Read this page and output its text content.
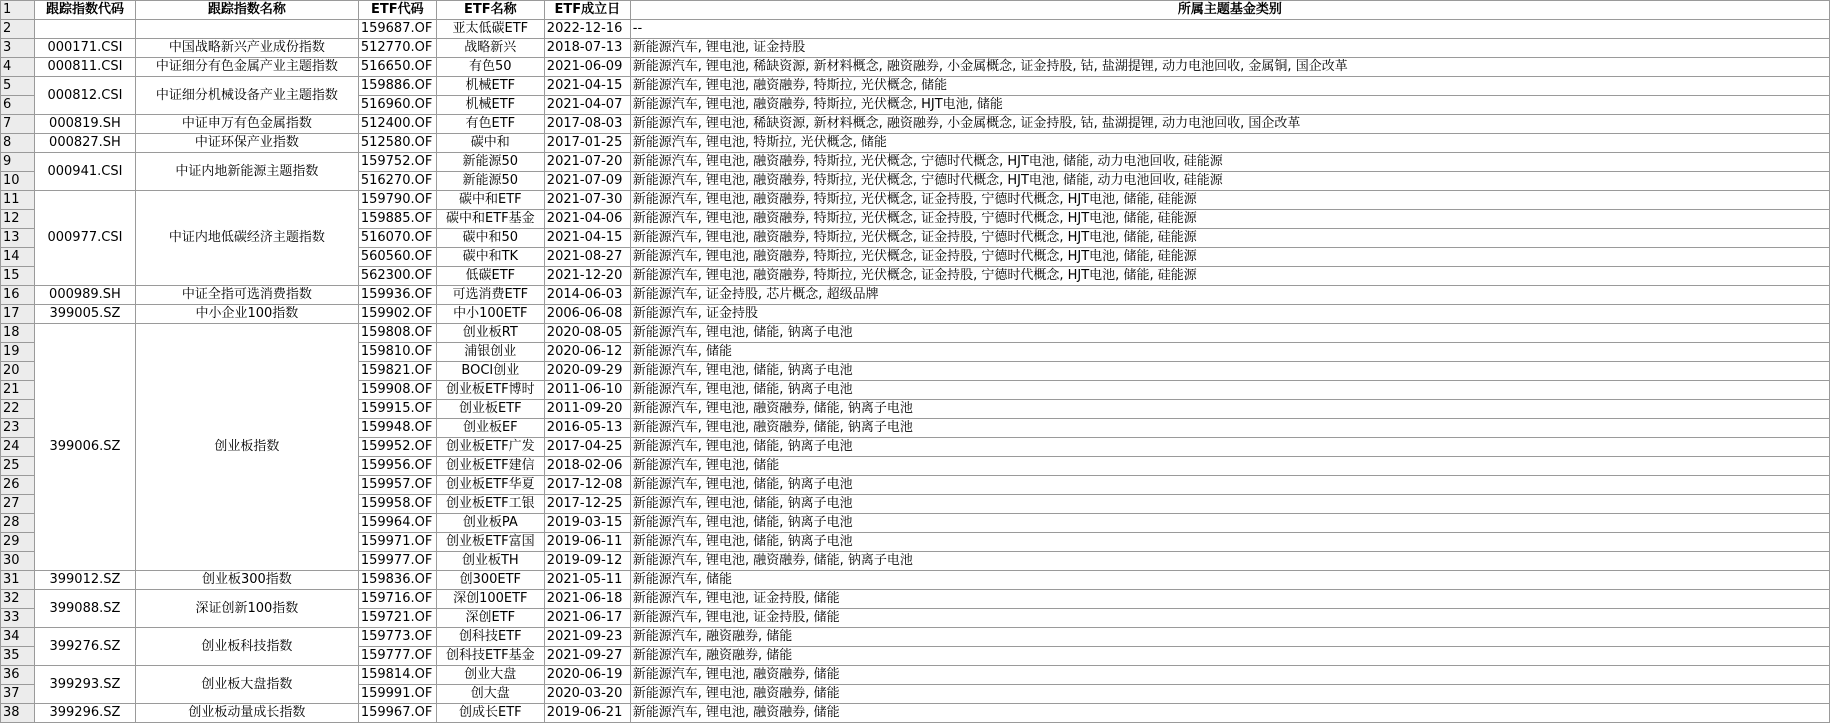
1	跟踪指数代码	跟踪指数名称	ETF代码	ETF名称	ETF成立日	所属主题基金类别
2			159687.OF	亚太低碳ETF	2022-12-16	--
3	000171.CSI	中国战略新兴产业成份指数	512770.OF	战略新兴	2018-07-13	新能源汽车, 锂电池, 证金持股
4	000811.CSI	中证细分有色金属产业主题指数	516650.OF	有色50	2021-06-09	新能源汽车, 锂电池, 稀缺资源, 新材料概念, 融资融券, 小金属概念, 证金持股, 钴, 盐湖提锂, 动力电池回收, 金属铜, 国企改革
5	000812.CSI	中证细分机械设备产业主题指数	159886.OF	机械ETF	2021-04-15	新能源汽车, 锂电池, 融资融券, 特斯拉, 光伏概念, 储能
6			516960.OF	机械ETF	2021-04-07	新能源汽车, 锂电池, 融资融券, 特斯拉, 光伏概念, HJT电池, 储能
7	000819.SH	中证申万有色金属指数	512400.OF	有色ETF	2017-08-03	新能源汽车, 锂电池, 稀缺资源, 新材料概念, 融资融券, 小金属概念, 证金持股, 钴, 盐湖提锂, 动力电池回收, 国企改革
8	000827.SH	中证环保产业指数	512580.OF	碳中和	2017-01-25	新能源汽车, 锂电池, 特斯拉, 光伏概念, 储能
9	000941.CSI	中证内地新能源主题指数	159752.OF	新能源50	2021-07-20	新能源汽车, 锂电池, 融资融券, 特斯拉, 光伏概念, 宁德时代概念, HJT电池, 储能, 动力电池回收, 硅能源
10			516270.OF	新能源50	2021-07-09	新能源汽车, 锂电池, 融资融券, 特斯拉, 光伏概念, 宁德时代概念, HJT电池, 储能, 动力电池回收, 硅能源
11	000977.CSI	中证内地低碳经济主题指数	159790.OF	碳中和ETF	2021-07-30	新能源汽车, 锂电池, 融资融券, 特斯拉, 光伏概念, 证金持股, 宁德时代概念, HJT电池, 储能, 硅能源
12			159885.OF	碳中和ETF基金	2021-04-06	新能源汽车, 锂电池, 融资融券, 特斯拉, 光伏概念, 证金持股, 宁德时代概念, HJT电池, 储能, 硅能源
13			516070.OF	碳中和50	2021-04-15	新能源汽车, 锂电池, 融资融券, 特斯拉, 光伏概念, 证金持股, 宁德时代概念, HJT电池, 储能, 硅能源
14			560560.OF	碳中和TK	2021-08-27	新能源汽车, 锂电池, 融资融券, 特斯拉, 光伏概念, 证金持股, 宁德时代概念, HJT电池, 储能, 硅能源
15			562300.OF	低碳ETF	2021-12-20	新能源汽车, 锂电池, 融资融券, 特斯拉, 光伏概念, 证金持股, 宁德时代概念, HJT电池, 储能, 硅能源
16	000989.SH	中证全指可选消费指数	159936.OF	可选消费ETF	2014-06-03	新能源汽车, 证金持股, 芯片概念, 超级品牌
17	399005.SZ	中小企业100指数	159902.OF	中小100ETF	2006-06-08	新能源汽车, 证金持股
18	399006.SZ	创业板指数	159808.OF	创业板RT	2020-08-05	新能源汽车, 锂电池, 储能, 钠离子电池
19			159810.OF	浦银创业	2020-06-12	新能源汽车, 储能
20			159821.OF	BOCI创业	2020-09-29	新能源汽车, 锂电池, 储能, 钠离子电池
21			159908.OF	创业板ETF博时	2011-06-10	新能源汽车, 锂电池, 储能, 钠离子电池
22			159915.OF	创业板ETF	2011-09-20	新能源汽车, 锂电池, 融资融券, 储能, 钠离子电池
23			159948.OF	创业板EF	2016-05-13	新能源汽车, 锂电池, 融资融券, 储能, 钠离子电池
24			159952.OF	创业板ETF广发	2017-04-25	新能源汽车, 锂电池, 储能, 钠离子电池
25			159956.OF	创业板ETF建信	2018-02-06	新能源汽车, 锂电池, 储能
26			159957.OF	创业板ETF华夏	2017-12-08	新能源汽车, 锂电池, 储能, 钠离子电池
27			159958.OF	创业板ETF工银	2017-12-25	新能源汽车, 锂电池, 储能, 钠离子电池
28			159964.OF	创业板PA	2019-03-15	新能源汽车, 锂电池, 储能, 钠离子电池
29			159971.OF	创业板ETF富国	2019-06-11	新能源汽车, 锂电池, 储能, 钠离子电池
30			159977.OF	创业板TH	2019-09-12	新能源汽车, 锂电池, 融资融券, 储能, 钠离子电池
31	399012.SZ	创业板300指数	159836.OF	创300ETF	2021-05-11	新能源汽车, 储能
32	399088.SZ	深证创新100指数	159716.OF	深创100ETF	2021-06-18	新能源汽车, 锂电池, 证金持股, 储能
33			159721.OF	深创ETF	2021-06-17	新能源汽车, 锂电池, 证金持股, 储能
34	399276.SZ	创业板科技指数	159773.OF	创科技ETF	2021-09-23	新能源汽车, 融资融券, 储能
35			159777.OF	创科技ETF基金	2021-09-27	新能源汽车, 融资融券, 储能
36	399293.SZ	创业板大盘指数	159814.OF	创业大盘	2020-06-19	新能源汽车, 锂电池, 融资融券, 储能
37			159991.OF	创大盘	2020-03-20	新能源汽车, 锂电池, 融资融券, 储能
38	399296.SZ	创业板动量成长指数	159967.OF	创成长ETF	2019-06-21	新能源汽车, 锂电池, 融资融券, 储能
